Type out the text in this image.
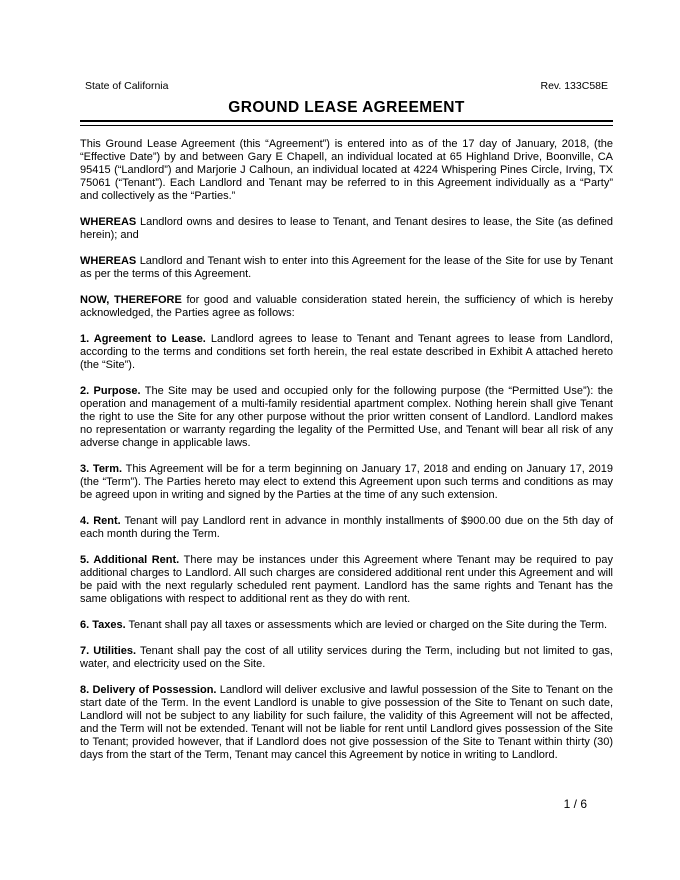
State of California	Rev. 133C58E
GROUND LEASE AGREEMENT

This Ground Lease Agreement (this “Agreement”) is entered into as of the 17 day of January, 2018, (the “Effective Date”) by and between Gary E Chapell, an individual located at 65 Highland Drive, Boonville, CA 95415 (“Landlord”) and Marjorie J Calhoun, an individual located at 4224 Whispering Pines Circle, Irving, TX 75061 (“Tenant”). Each Landlord and Tenant may be referred to in this Agreement individually as a “Party” and collectively as the “Parties.”

WHEREAS Landlord owns and desires to lease to Tenant, and Tenant desires to lease, the Site (as defined herein); and

WHEREAS Landlord and Tenant wish to enter into this Agreement for the lease of the Site for use by Tenant as per the terms of this Agreement.

NOW, THEREFORE for good and valuable consideration stated herein, the sufficiency of which is hereby acknowledged, the Parties agree as follows:

1. Agreement to Lease. Landlord agrees to lease to Tenant and Tenant agrees to lease from Landlord, according to the terms and conditions set forth herein, the real estate described in Exhibit A attached hereto (the “Site”).

2. Purpose. The Site may be used and occupied only for the following purpose (the “Permitted Use”): the operation and management of a multi-family residential apartment complex. Nothing herein shall give Tenant the right to use the Site for any other purpose without the prior written consent of Landlord. Landlord makes no representation or warranty regarding the legality of the Permitted Use, and Tenant will bear all risk of any adverse change in applicable laws.

3. Term. This Agreement will be for a term beginning on January 17, 2018 and ending on January 17, 2019 (the “Term”). The Parties hereto may elect to extend this Agreement upon such terms and conditions as may be agreed upon in writing and signed by the Parties at the time of any such extension.

4. Rent. Tenant will pay Landlord rent in advance in monthly installments of $900.00 due on the 5th day of each month during the Term.

5. Additional Rent. There may be instances under this Agreement where Tenant may be required to pay additional charges to Landlord. All such charges are considered additional rent under this Agreement and will be paid with the next regularly scheduled rent payment. Landlord has the same rights and Tenant has the same obligations with respect to additional rent as they do with rent.

6. Taxes. Tenant shall pay all taxes or assessments which are levied or charged on the Site during the Term.

7. Utilities. Tenant shall pay the cost of all utility services during the Term, including but not limited to gas, water, and electricity used on the Site.

8. Delivery of Possession. Landlord will deliver exclusive and lawful possession of the Site to Tenant on the start date of the Term. In the event Landlord is unable to give possession of the Site to Tenant on such date, Landlord will not be subject to any liability for such failure, the validity of this Agreement will not be affected, and the Term will not be extended. Tenant will not be liable for rent until Landlord gives possession of the Site to Tenant; provided however, that if Landlord does not give possession of the Site to Tenant within thirty (30) days from the start of the Term, Tenant may cancel this Agreement by notice in writing to Landlord.

1 / 6
